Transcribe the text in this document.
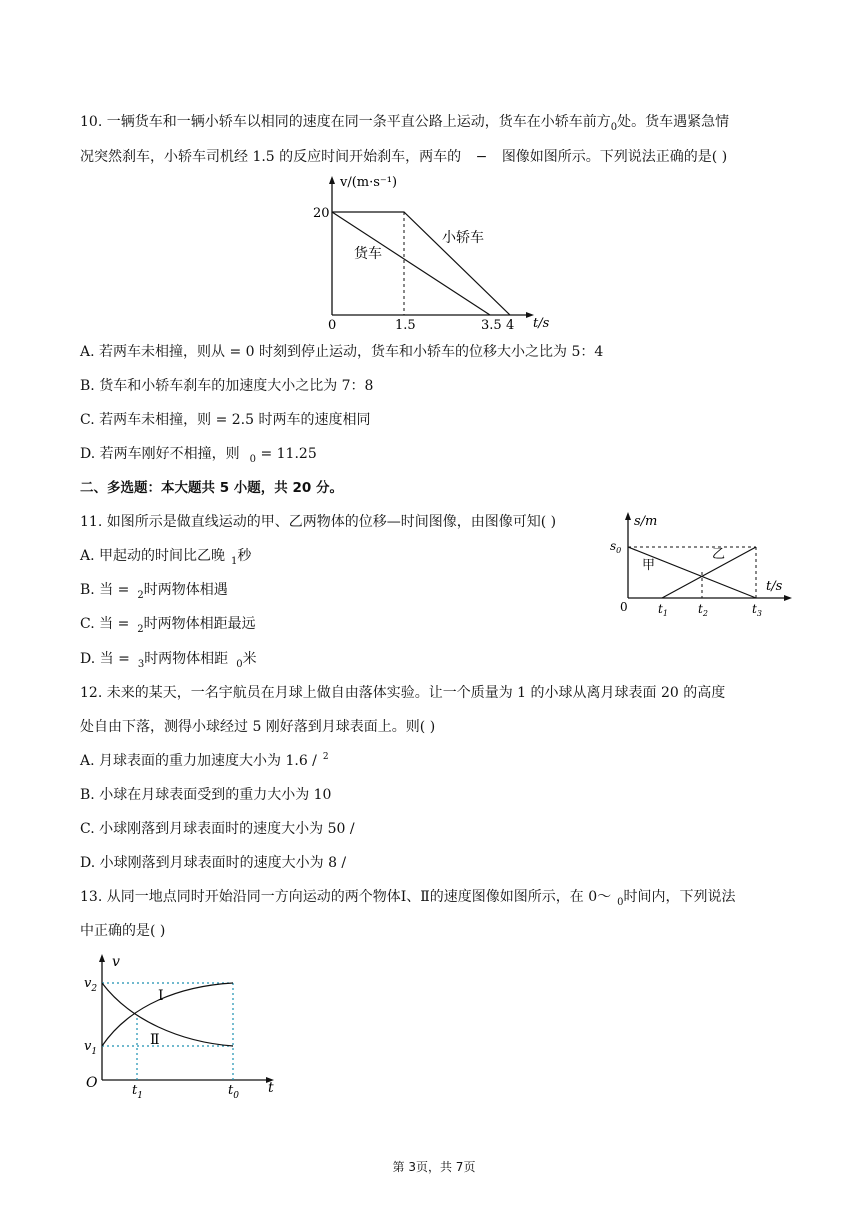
10. 一辆货车和一辆小轿车以相同的速度在同一条平直公路上运动，货车在小轿车前方$_0$处。货车遇紧急情
况突然刹车，小轿车司机经 1.5 的反应时间开始刹车，两车的 − 图像如图所示。下列说法正确的是( )
v/(m·s⁻¹)
20
0	1.5	3.5 4 t/s
货车
小轿车
A. 若两车未相撞，则从 = 0 时刻到停止运动，货车和小轿车的位移大小之比为 5：4
B. 货车和小轿车刹车的加速度大小之比为 7：8
C. 若两车未相撞，则 = 2.5 时两车的速度相同
D. 若两车刚好不相撞，则 $_0$ = 11.25
二、多选题：本大题共 5 小题，共 20 分。
11. 如图所示是做直线运动的甲、乙两物体的位移—时间图像，由图像可知( )
A. 甲起动的时间比乙晚 $_1$秒
B. 当 = $_2$时两物体相遇
C. 当 = $_2$时两物体相距最远
D. 当 = $_3$时两物体相距 $_0$米
s/m
$s_0$
甲
乙
t/s
0	$t_1$	$t_2$	$t_3$
12. 未来的某天，一名宇航员在月球上做自由落体实验。让一个质量为 1 的小球从离月球表面 20 的高度
处自由下落，测得小球经过 5 刚好落到月球表面上。则( )
A. 月球表面的重力加速度大小为 1.6 / $^2$
B. 小球在月球表面受到的重力大小为 10
C. 小球刚落到月球表面时的速度大小为 50 /
D. 小球刚落到月球表面时的速度大小为 8 /
13. 从同一地点同时开始沿同一方向运动的两个物体Ⅰ、Ⅱ的速度图像如图所示，在 0～ $_0$时间内，下列说法
中正确的是( )
v
$v_2$
$v_1$
Ⅰ
Ⅱ
O	$t_1$	$t_0$ t
第 3页，共 7页
